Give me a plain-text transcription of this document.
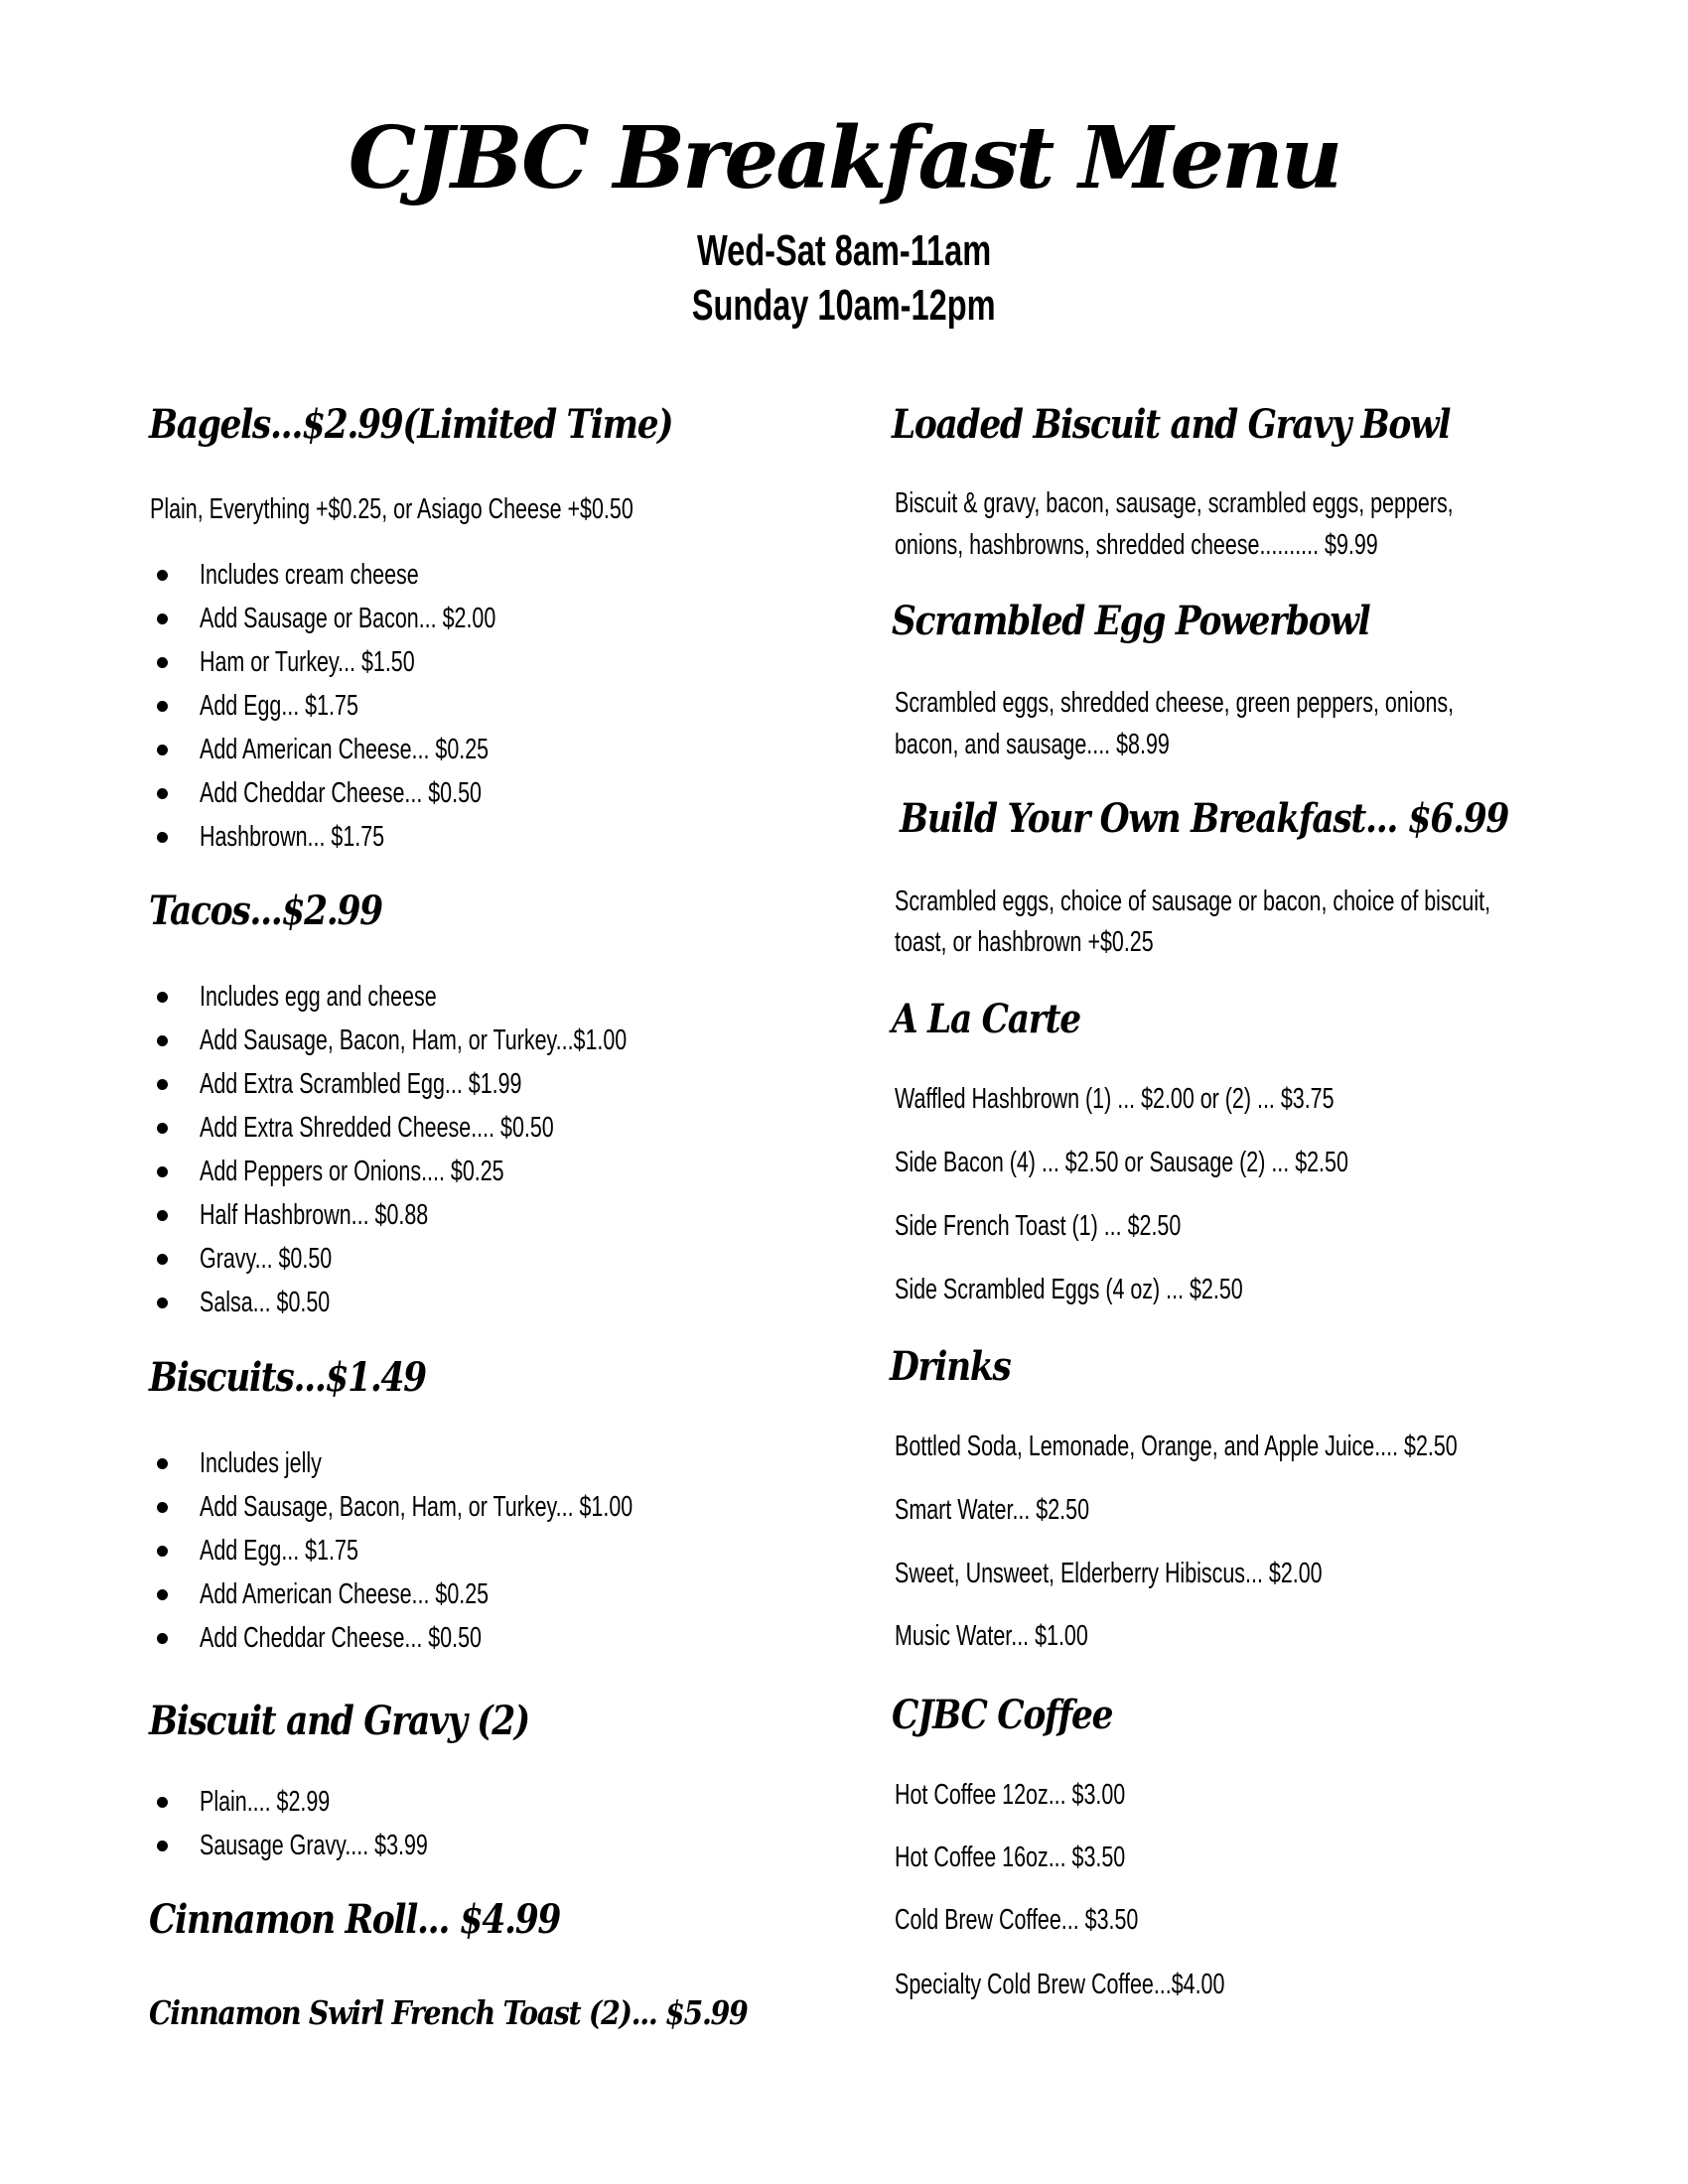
CJBC Breakfast Menu
Wed-Sat 8am-11am
Sunday 10am-12pm
Bagels...$2.99(Limited Time)
Plain, Everything +$0.25, or Asiago Cheese +$0.50
Includes cream cheese
Add Sausage or Bacon... $2.00
Ham or Turkey... $1.50
Add Egg... $1.75
Add American Cheese... $0.25
Add Cheddar Cheese... $0.50
Hashbrown... $1.75
Tacos...$2.99
Includes egg and cheese
Add Sausage, Bacon, Ham, or Turkey...$1.00
Add Extra Scrambled Egg... $1.99
Add Extra Shredded Cheese.... $0.50
Add Peppers or Onions.... $0.25
Half Hashbrown... $0.88
Gravy... $0.50
Salsa... $0.50
Biscuits...$1.49
Includes jelly
Add Sausage, Bacon, Ham, or Turkey... $1.00
Add Egg... $1.75
Add American Cheese... $0.25
Add Cheddar Cheese... $0.50
Biscuit and Gravy (2)
Plain.... $2.99
Sausage Gravy.... $3.99
Cinnamon Roll... $4.99
Cinnamon Swirl French Toast (2)... $5.99
Loaded Biscuit and Gravy Bowl
Biscuit & gravy, bacon, sausage, scrambled eggs, peppers,
onions, hashbrowns, shredded cheese.......... $9.99
Scrambled Egg Powerbowl
Scrambled eggs, shredded cheese, green peppers, onions,
bacon, and sausage.... $8.99
Build Your Own Breakfast... $6.99
Scrambled eggs, choice of sausage or bacon, choice of biscuit,
toast, or hashbrown +$0.25
A La Carte
Waffled Hashbrown (1) ... $2.00 or (2) ... $3.75
Side Bacon (4) ... $2.50 or Sausage (2) ... $2.50
Side French Toast (1) ... $2.50
Side Scrambled Eggs (4 oz) ... $2.50
Drinks
Bottled Soda, Lemonade, Orange, and Apple Juice.... $2.50
Smart Water... $2.50
Sweet, Unsweet, Elderberry Hibiscus... $2.00
Music Water... $1.00
CJBC Coffee
Hot Coffee 12oz... $3.00
Hot Coffee 16oz... $3.50
Cold Brew Coffee... $3.50
Specialty Cold Brew Coffee...$4.00
